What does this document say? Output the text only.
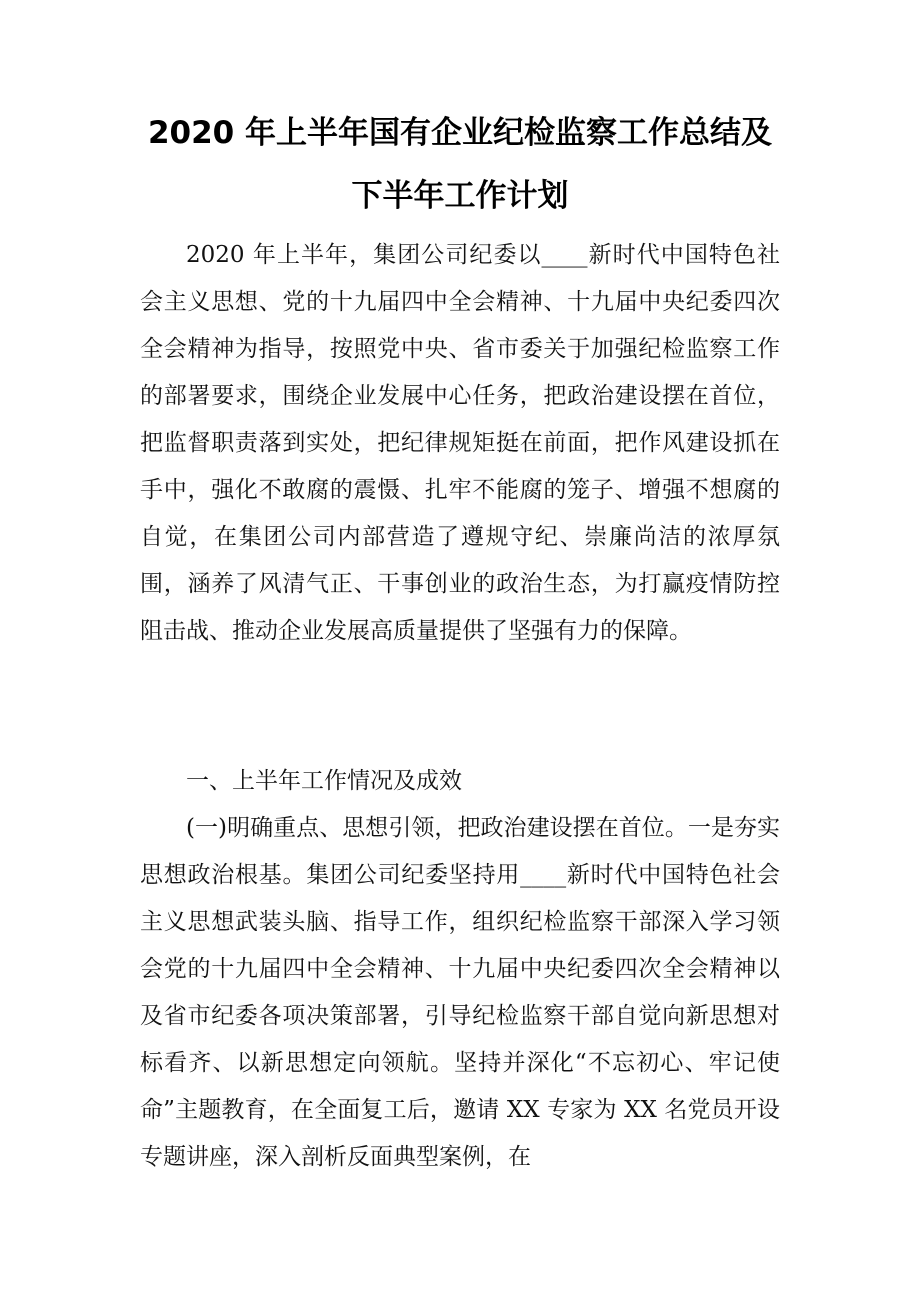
2020 年上半年国有企业纪检监察工作总结及
下半年工作计划

2020 年上半年，集团公司纪委以____新时代中国特色社会主义思想、党的十九届四中全会精神、十九届中央纪委四次全会精神为指导，按照党中央、省市委关于加强纪检监察工作的部署要求，围绕企业发展中心任务，把政治建设摆在首位，把监督职责落到实处，把纪律规矩挺在前面，把作风建设抓在手中，强化不敢腐的震慑、扎牢不能腐的笼子、增强不想腐的自觉，在集团公司内部营造了遵规守纪、崇廉尚洁的浓厚氛围，涵养了风清气正、干事创业的政治生态，为打赢疫情防控阻击战、推动企业发展高质量提供了坚强有力的保障。

一、上半年工作情况及成效

(一)明确重点、思想引领，把政治建设摆在首位。一是夯实思想政治根基。集团公司纪委坚持用____新时代中国特色社会主义思想武装头脑、指导工作，组织纪检监察干部深入学习领会党的十九届四中全会精神、十九届中央纪委四次全会精神以及省市纪委各项决策部署，引导纪检监察干部自觉向新思想对标看齐、以新思想定向领航。坚持并深化“不忘初心、牢记使命”主题教育，在全面复工后，邀请 XX 专家为 XX 名党员开设专题讲座，深入剖析反面典型案例，在
